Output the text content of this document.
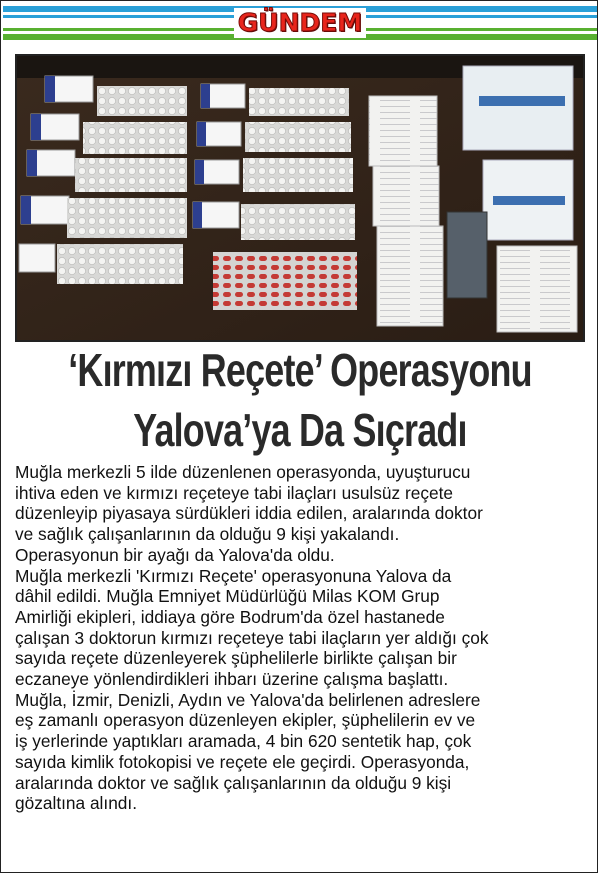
GÜNDEM
‘Kırmızı Reçete’ Operasyonu
Yalova’ya Da Sıçradı
Muğla merkezli 5 ilde düzenlenen operasyonda, uyuşturucu
ihtiva eden ve kırmızı reçeteye tabi ilaçları usulsüz reçete
düzenleyip piyasaya sürdükleri iddia edilen, aralarında doktor
ve sağlık çalışanlarının da olduğu 9 kişi yakalandı.
Operasyonun bir ayağı da Yalova'da oldu.
Muğla merkezli 'Kırmızı Reçete' operasyonuna Yalova da
dâhil edildi. Muğla Emniyet Müdürlüğü Milas KOM Grup
Amirliği ekipleri, iddiaya göre Bodrum'da özel hastanede
çalışan 3 doktorun kırmızı reçeteye tabi ilaçların yer aldığı çok
sayıda reçete düzenleyerek şüphelilerle birlikte çalışan bir
eczaneye yönlendirdikleri ihbarı üzerine çalışma başlattı.
Muğla, İzmir, Denizli, Aydın ve Yalova'da belirlenen adreslere
eş zamanlı operasyon düzenleyen ekipler, şüphelilerin ev ve
iş yerlerinde yaptıkları aramada, 4 bin 620 sentetik hap, çok
sayıda kimlik fotokopisi ve reçete ele geçirdi. Operasyonda,
aralarında doktor ve sağlık çalışanlarının da olduğu 9 kişi
gözaltına alındı.
